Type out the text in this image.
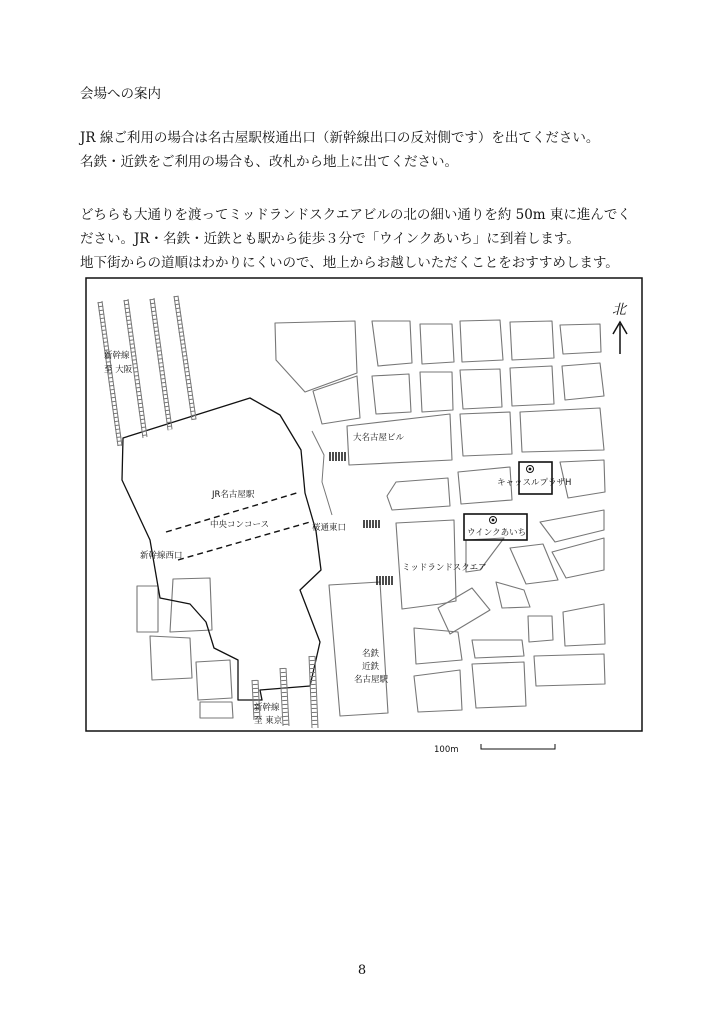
会場への案内

JR 線ご利用の場合は名古屋駅桜通出口（新幹線出口の反対側です）を出てください。

名鉄・近鉄をご利用の場合も、改札から地上に出てください。

どちらも大通りを渡ってミッドランドスクエアビルの北の細い通りを約 50m 東に進んでく

ださい。JR・名鉄・近鉄とも駅から徒歩３分で「ウインクあいち」に到着します。

地下街からの道順はわかりにくいので、地上からお越しいただくことをおすすめします。

北
新幹線
至 大阪
大名古屋ビル
JR名古屋駅
中央コンコース
新幹線西口
桜通東口
キャッスルプラザH
ウインクあいち
ミッドランドスクエア
名鉄
近鉄
名古屋駅
新幹線
至 東京
100m
8
